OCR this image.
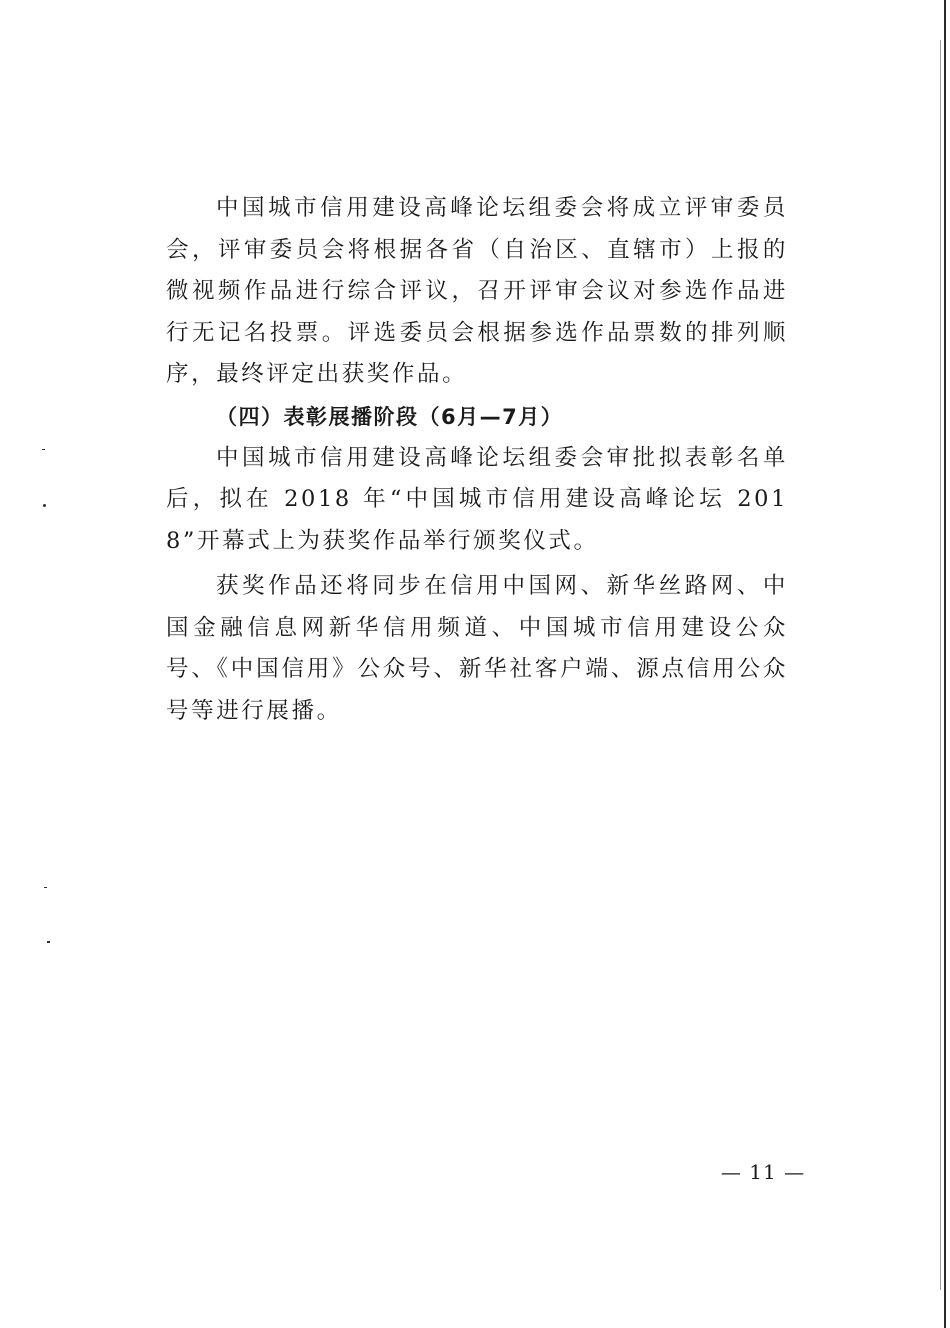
中国城市信用建设高峰论坛组委会将成立评审委员会，评审委员会将根据各省（自治区、直辖市）上报的微视频作品进行综合评议，召开评审会议对参选作品进行无记名投票。评选委员会根据参选作品票数的排列顺序，最终评定出获奖作品。

（四）表彰展播阶段（6月—7月）

中国城市信用建设高峰论坛组委会审批拟表彰名单后，拟在 2018 年“中国城市信用建设高峰论坛 2018”开幕式上为获奖作品举行颁奖仪式。

获奖作品还将同步在信用中国网、新华丝路网、中国金融信息网新华信用频道、中国城市信用建设公众号、《中国信用》公众号、新华社客户端、源点信用公众号等进行展播。

— 11 —
